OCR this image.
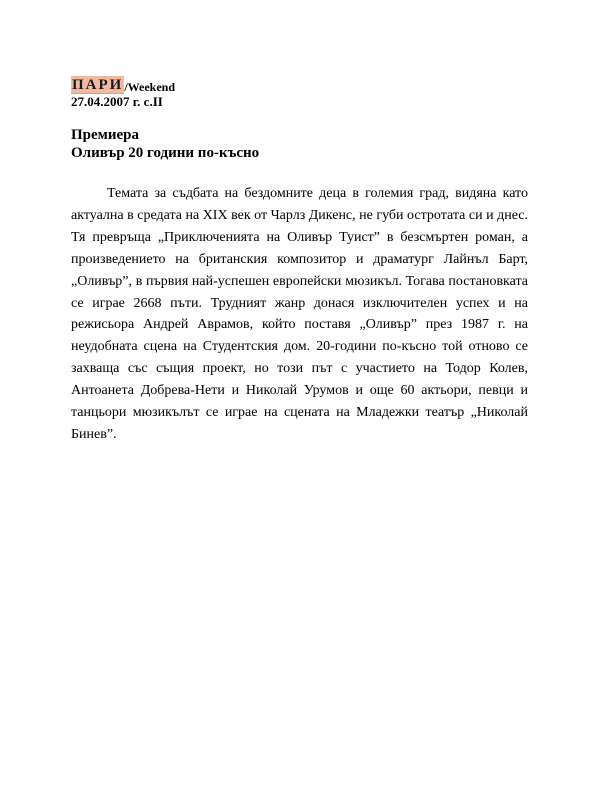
ПАРИ /Weekend
27.04.2007 г. с.II
Премиера
Оливър 20 години по-късно

Темата за съдбата на бездомните деца в големия град, видяна като актуална в средата на XIX век от Чарлз Дикенс, не губи остротата си и днес. Тя превръща „Приключенията на Оливър Туист” в безсмъртен роман, а произведението на британския композитор и драматург Лайнъл Барт, „Оливър”, в първия най-успешен европейски мюзикъл. Тогава постановката се играе 2668 пъти. Трудният жанр донася изключителен успех и на режисьора Андрей Аврамов, който поставя „Оливър” през 1987 г. на неудобната сцена на Студентския дом. 20-години по-късно той отново се захваща със същия проект, но този път с участието на Тодор Колев, Антоанета Добрева-Нети и Николай Урумов и още 60 актьори, певци и танцьори мюзикълът се играе на сцената на Младежки театър „Николай Бинев”.
